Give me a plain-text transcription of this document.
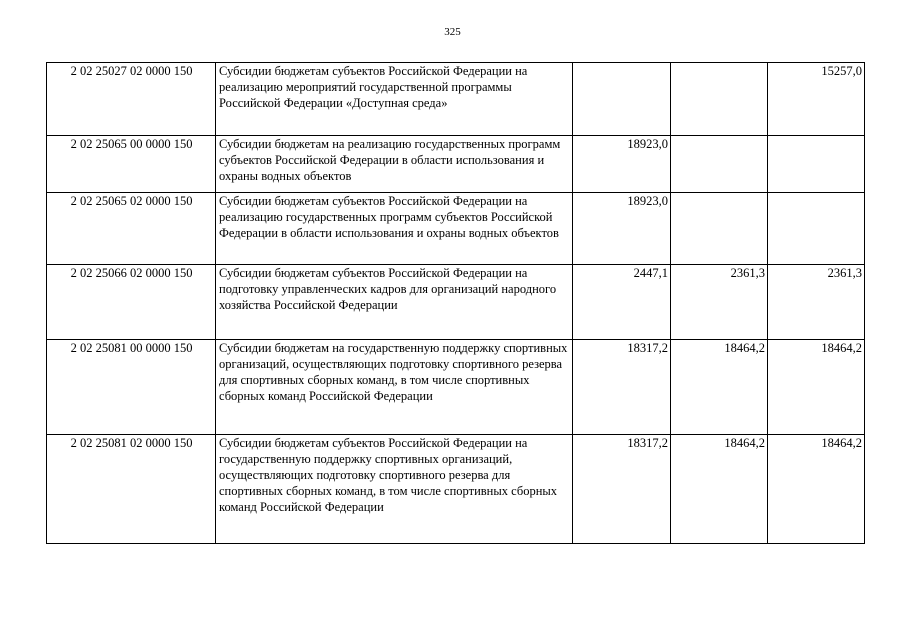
325
2 02 25027 02 0000 150	Субсидии бюджетам субъектов Российской Федерации на реализацию мероприятий государственной программы Российской Федерации «Доступная среда»			15257,0
2 02 25065 00 0000 150	Субсидии бюджетам на реализацию государственных программ субъектов Российской Федерации в области использования и охраны водных объектов	18923,0		
2 02 25065 02 0000 150	Субсидии бюджетам субъектов Российской Федерации на реализацию государственных программ субъектов Российской Федерации в области использования и охраны водных объектов	18923,0		
2 02 25066 02 0000 150	Субсидии бюджетам субъектов Российской Федерации на подготовку управленческих кадров для организаций народного хозяйства Российской Федерации	2447,1	2361,3	2361,3
2 02 25081 00 0000 150	Субсидии бюджетам на государственную поддержку спортивных организаций, осуществляющих подготовку спортивного резерва для спортивных сборных команд, в том числе спортивных сборных команд Российской Федерации	18317,2	18464,2	18464,2
2 02 25081 02 0000 150	Субсидии бюджетам субъектов Российской Федерации на государственную поддержку спортивных организаций, осуществляющих подготовку спортивного резерва для спортивных сборных команд, в том числе спортивных сборных команд Российской Федерации	18317,2	18464,2	18464,2
